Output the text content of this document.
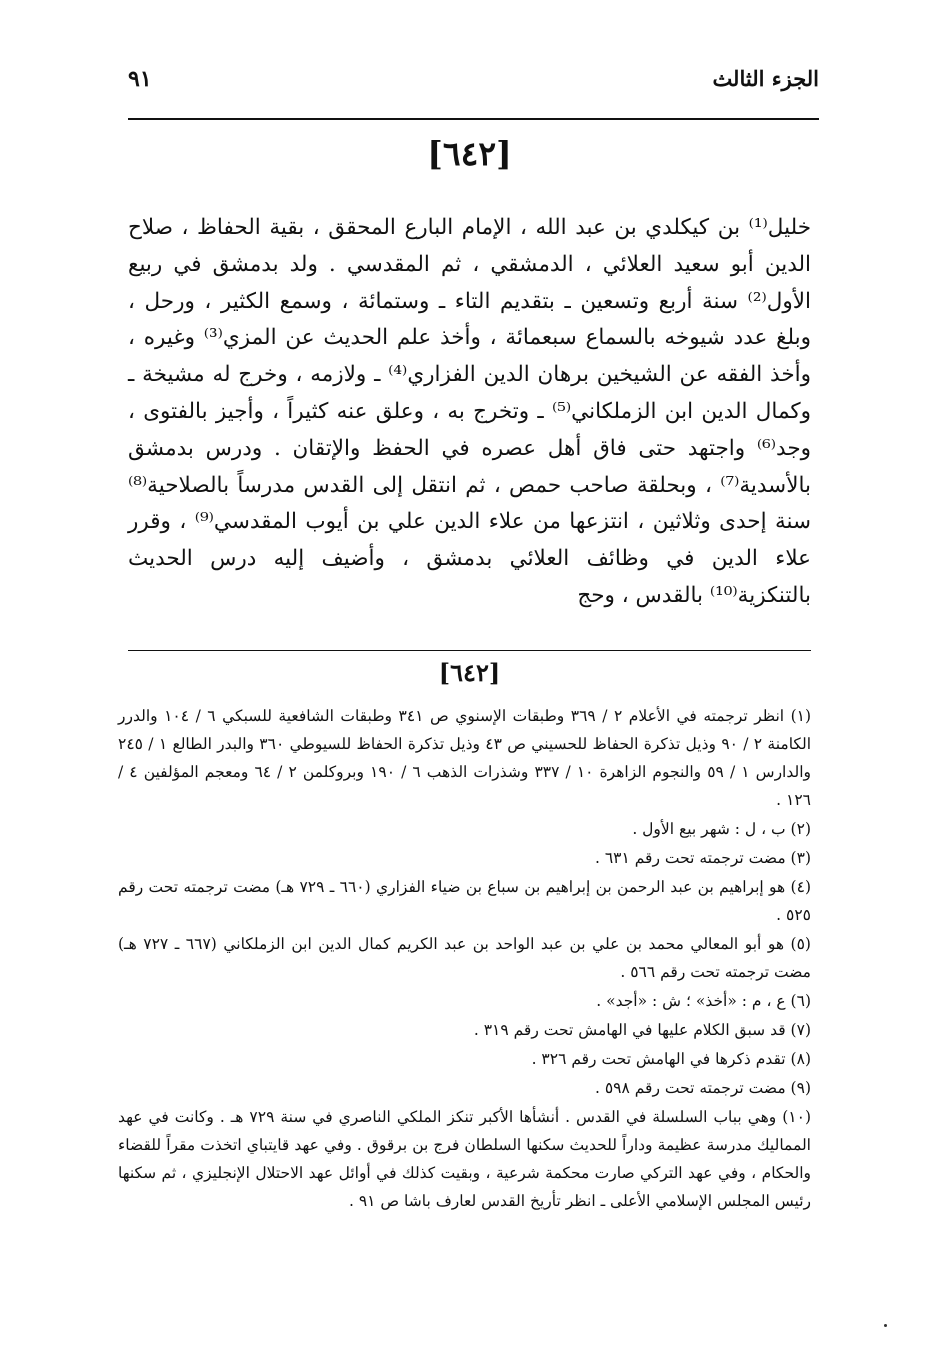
الجزء الثالث
٩١
[٦٤٢]
خليل⁽¹⁾ بن كيكلدي بن عبد الله ، الإمام البارع المحقق ، بقية الحفاظ ، صلاح الدين أبو سعيد العلائي ، الدمشقي ، ثم المقدسي . ولد بدمشق في ربيع الأول⁽²⁾ سنة أربع وتسعين ـ بتقديم التاء ـ وستمائة ، وسمع الكثير ، ورحل ، وبلغ عدد شيوخه بالسماع سبعمائة ، وأخذ علم الحديث عن المزي⁽³⁾ وغيره ، وأخذ الفقه عن الشيخين برهان الدين الفزاري⁽⁴⁾ ـ ولازمه ، وخرج له مشيخة ـ وكمال الدين ابن الزملكاني⁽⁵⁾ ـ وتخرج به ، وعلق عنه كثيراً ، وأجيز بالفتوى ، وجد⁽⁶⁾ واجتهد حتى فاق أهل عصره في الحفظ والإتقان . ودرس بدمشق بالأسدية⁽⁷⁾ ، وبحلقة صاحب حمص ، ثم انتقل إلى القدس مدرساً بالصلاحية⁽⁸⁾ سنة إحدى وثلاثين ، انتزعها من علاء الدين علي بن أيوب المقدسي⁽⁹⁾ ، وقرر علاء الدين في وظائف العلائي بدمشق ، وأضيف إليه درس الحديث بالتنكزية⁽¹⁰⁾ بالقدس ، وحج
[٦٤٢]
(١) انظر ترجمته في الأعلام ٢ / ٣٦٩ وطبقات الإسنوي ص ٣٤١ وطبقات الشافعية للسبكي ٦ / ١٠٤ والدرر الكامنة ٢ / ٩٠ وذيل تذكرة الحفاظ للحسيني ص ٤٣ وذيل تذكرة الحفاظ للسيوطي ٣٦٠ والبدر الطالع ١ / ٢٤٥ والدارس ١ / ٥٩ والنجوم الزاهرة ١٠ / ٣٣٧ وشذرات الذهب ٦ / ١٩٠ وبروكلمن ٢ / ٦٤ ومعجم المؤلفين ٤ / ١٢٦ .
(٢) ب ، ل : شهر بيع الأول .
(٣) مضت ترجمته تحت رقم ٦٣١ .
(٤) هو إبراهيم بن عبد الرحمن بن إبراهيم بن سباع بن ضياء الفزاري (٦٦٠ ـ ٧٢٩ هـ) مضت ترجمته تحت رقم ٥٢٥ .
(٥) هو أبو المعالي محمد بن علي بن عبد الواحد بن عبد الكريم كمال الدين ابن الزملكاني (٦٦٧ ـ ٧٢٧ هـ) مضت ترجمته تحت رقم ٥٦٦ .
(٦) ع ، م : «أخذ» ؛ ش : «أجد» .
(٧) قد سبق الكلام عليها في الهامش تحت رقم ٣١٩ .
(٨) تقدم ذكرها في الهامش تحت رقم ٣٢٦ .
(٩) مضت ترجمته تحت رقم ٥٩٨ .
(١٠) وهي بباب السلسلة في القدس . أنشأها الأكبر تنكز الملكي الناصري في سنة ٧٢٩ هـ . وكانت في عهد المماليك مدرسة عظيمة وداراً للحديث سكنها السلطان فرج بن برقوق . وفي عهد قايتباي اتخذت مقراً للقضاء والحكام ، وفي عهد التركي صارت محكمة شرعية ، وبقيت كذلك في أوائل عهد الاحتلال الإنجليزي ، ثم سكنها رئيس المجلس الإسلامي الأعلى ـ انظر تأريخ القدس لعارف باشا ص ٩١ .
